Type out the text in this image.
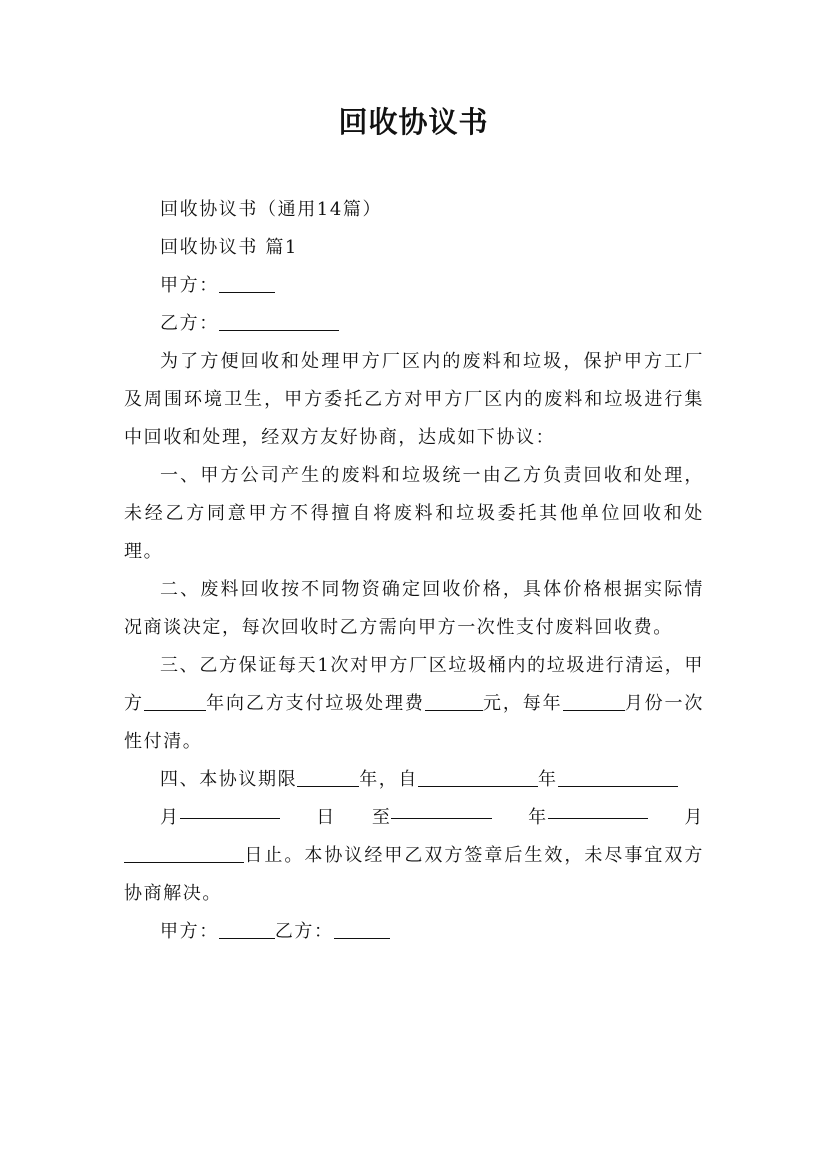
回收协议书

回收协议书（通用14篇）

回收协议书 篇1

甲方：

乙方：

为了方便回收和处理甲方厂区内的废料和垃圾，保护甲方工厂及周围环境卫生，甲方委托乙方对甲方厂区内的废料和垃圾进行集中回收和处理，经双方友好协商，达成如下协议：

一、甲方公司产生的废料和垃圾统一由乙方负责回收和处理，未经乙方同意甲方不得擅自将废料和垃圾委托其他单位回收和处理。

二、废料回收按不同物资确定回收价格，具体价格根据实际情况商谈决定，每次回收时乙方需向甲方一次性支付废料回收费。

三、乙方保证每天1次对甲方厂区垃圾桶内的垃圾进行清运，甲方	年向乙方支付垃圾处理费	元，每年	月份一次性付清。

四、本协议期限	年，自	年

月	日	至	年	月

日止。本协议经甲乙双方签章后生效，未尽事宜双方协商解决。

甲方：	乙方：
